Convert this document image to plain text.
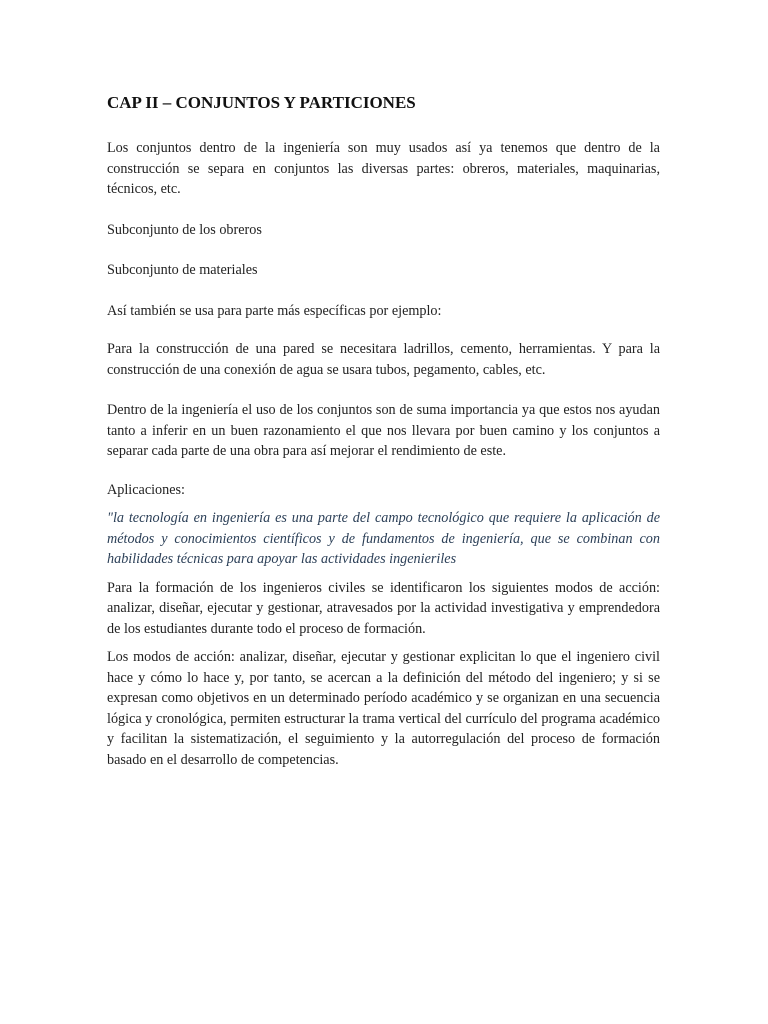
CAP II – CONJUNTOS Y PARTICIONES

Los conjuntos dentro de la ingeniería son muy usados así ya tenemos que dentro de la construcción se separa en conjuntos las diversas partes: obreros, materiales, maquinarias, técnicos, etc.

Subconjunto de los obreros

Subconjunto de materiales

Así también se usa para parte más específicas por ejemplo:

Para la construcción de una pared se necesitara ladrillos, cemento, herramientas. Y para la construcción de una conexión de agua se usara tubos, pegamento, cables, etc.

Dentro de la ingeniería el uso de los conjuntos son de suma importancia ya que estos nos ayudan tanto a inferir en un buen razonamiento el que nos llevara por buen camino y los conjuntos a separar cada parte de una obra para así mejorar el rendimiento de este.

Aplicaciones:

"la tecnología en ingeniería es una parte del campo tecnológico que requiere la aplicación de métodos y conocimientos científicos y de fundamentos de ingeniería, que se combinan con habilidades técnicas para apoyar las actividades ingenieriles

Para la formación de los ingenieros civiles se identificaron los siguientes modos de acción: analizar, diseñar, ejecutar y gestionar, atravesados por la actividad investigativa y emprendedora de los estudiantes durante todo el proceso de formación.

Los modos de acción: analizar, diseñar, ejecutar y gestionar explicitan lo que el ingeniero civil hace y cómo lo hace y, por tanto, se acercan a la definición del método del ingeniero; y si se expresan como objetivos en un determinado período académico y se organizan en una secuencia lógica y cronológica, permiten estructurar la trama vertical del currículo del programa académico y facilitan la sistematización, el seguimiento y la autorregulación del proceso de formación basado en el desarrollo de competencias.
